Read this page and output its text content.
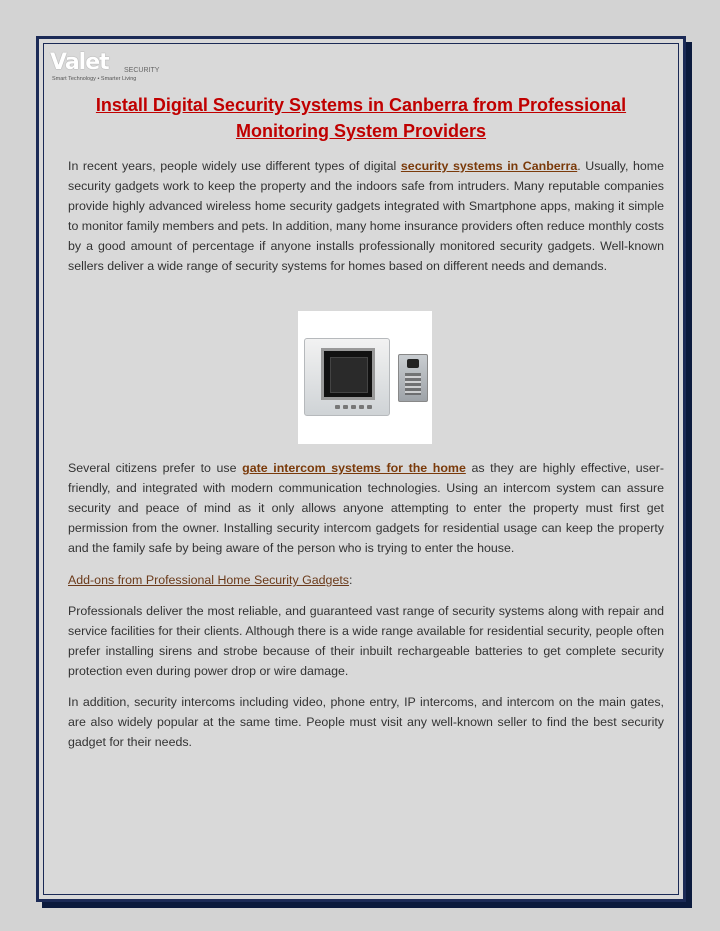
Valet SECURITY
Smart Technology • Smarter Living
Install Digital Security Systems in Canberra from Professional Monitoring System Providers
In recent years, people widely use different types of digital security systems in Canberra. Usually, home security gadgets work to keep the property and the indoors safe from intruders. Many reputable companies provide highly advanced wireless home security gadgets integrated with Smartphone apps, making it simple to monitor family members and pets. In addition, many home insurance providers often reduce monthly costs by a good amount of percentage if anyone installs professionally monitored security gadgets. Well-known sellers deliver a wide range of security systems for homes based on different needs and demands.
Several citizens prefer to use gate intercom systems for the home as they are highly effective, user-friendly, and integrated with modern communication technologies. Using an intercom system can assure security and peace of mind as it only allows anyone attempting to enter the property must first get permission from the owner. Installing security intercom gadgets for residential usage can keep the property and the family safe by being aware of the person who is trying to enter the house.
Add-ons from Professional Home Security Gadgets:
Professionals deliver the most reliable, and guaranteed vast range of security systems along with repair and service facilities for their clients. Although there is a wide range available for residential security, people often prefer installing sirens and strobe because of their inbuilt rechargeable batteries to get complete security protection even during power drop or wire damage.
In addition, security intercoms including video, phone entry, IP intercoms, and intercom on the main gates, are also widely popular at the same time. People must visit any well-known seller to find the best security gadget for their needs.
